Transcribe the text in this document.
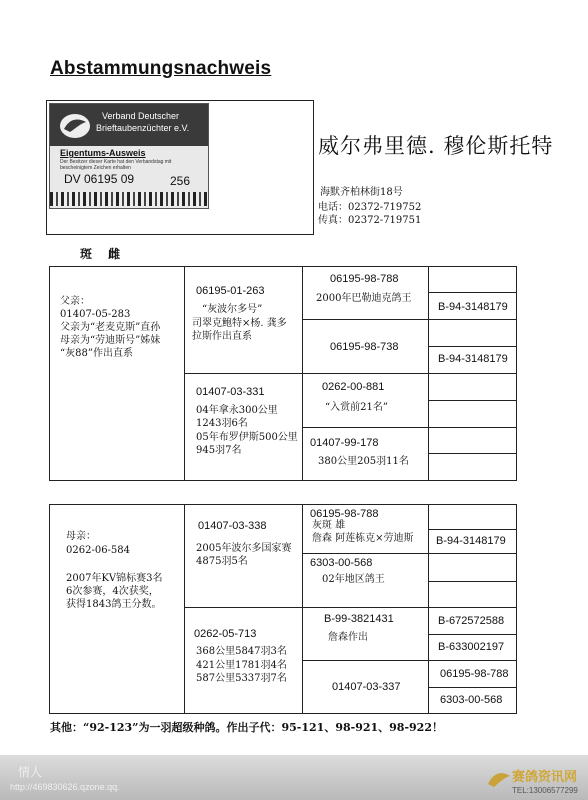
Abstammungsnachweis
Verband Deutscher
Brieftaubenzüchter e.V.
Eigentums-Ausweis
Der Besitzer dieser Karte hat den Verbandstag mit bescheinigtem Zeichen erhalten
DV 06195 09	256
威尔弗里德. 穆伦斯托特
海默齐柏林街18号
电话：02372-719752
传真：02372-719751
斑 雌
父亲：
01407-05-283
父亲为“老麦克斯”直孙
母亲为“劳迪斯号”姊妹
“灰88”作出直系
06195-01-263
“灰波尔多号”
司翠克鲍特×杨. 龚多
拉斯作出直系
06195-98-788
2000年巴勒迪克鸽王
B-94-3148179
06195-98-738
B-94-3148179
01407-03-331
04年拿永300公里
1243羽6名
05年布罗伊斯500公里
945羽7名
0262-00-881
“入赏前21名”
01407-99-178
380公里205羽11名
母亲：
0262-06-584
2007年KV锦标赛3名
6次参赛，4次获奖，
获得1843鸽王分数。
01407-03-338
2005年波尔多国家赛
4875羽5名
06195-98-788
灰斑 雄
詹森 阿莲栋克×劳迪斯 B-94-3148179
6303-00-568
02年地区鸽王
0262-05-713
368公里5847羽3名
421公里1781羽4名
587公里5337羽7名
B-99-3821431
詹森作出
B-672572588
B-633002197
01407-03-337
06195-98-788
6303-00-568
其他：“92-123”为一羽超级种鸽。作出子代：95-121、98-921、98-922！
情人
http://469830626.qzone.qq.
赛鸽资讯网
TEL:13006577299
